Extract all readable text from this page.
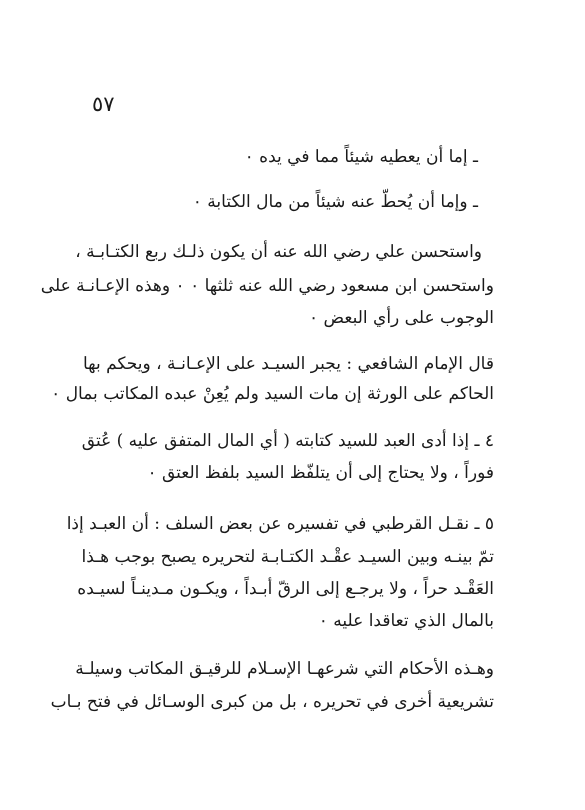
٥٧
ـ إما أن يعطيه شيئاً مما في يده ٠
ـ وإما أن يُحطّ عنه شيئاً من مال الكتابة ٠
واستحسن علي رضي الله عنه أن يكون ذلـك ربع الكتـابـة ،
واستحسن ابن مسعود رضي الله عنه ثلثها ٠ ٠ وهذه الإعـانـة على
الوجوب على رأي البعض ٠
قال الإمام الشافعي : يجبر السيـد على الإعـانـة ، ويحكم بها
الحاكم على الورثة إن مات السيد ولم يُعِنْ عبده المكاتب بمال ٠
٤ ـ إذا أدى العبد للسيد كتابته ( أي المال المتفق عليه ) عُتق
فوراً ، ولا يحتاج إلى أن يتلفّظ السيد بلفظ العتق ٠
٥ ـ نقـل القرطبي في تفسيره عن بعض السلف : أن العبـد إذا
تمّ بينـه وبين السيـد عقْـد الكتـابـة لتحريره يصبح بوجب هـذا
العَقْـد حراً ، ولا يرجـع إلى الرقّ أبـداً ، ويكـون مـدينـاً لسيـده
بالمال الذي تعاقدا عليه ٠
وهـذه الأحكام التي شرعهـا الإسـلام للرقيـق المكاتب وسيلـة
تشريعية أخرى في تحريره ، بل من كبرى الوسـائل في فتح بـاب
